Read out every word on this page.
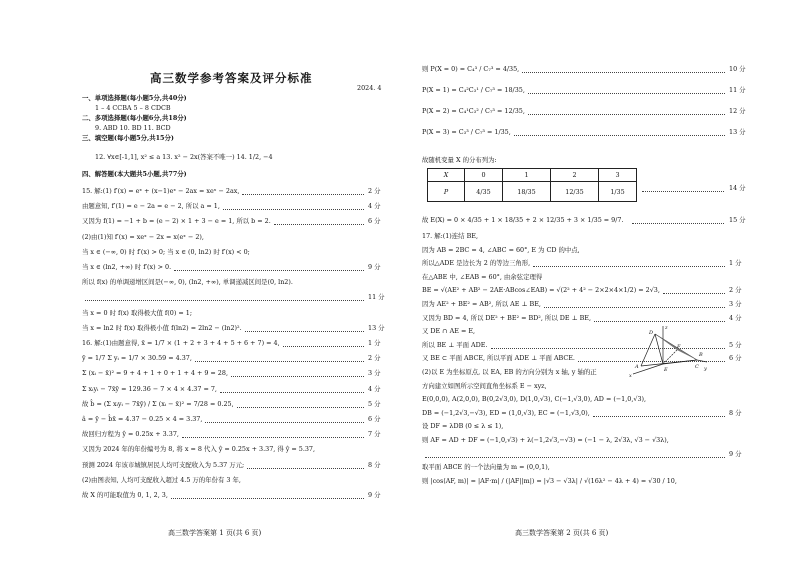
高三数学参考答案及评分标准
2024. 4
一、单项选择题(每小题5分,共40分)
1 – 4 CCBA 5 – 8 CDCB
二、多项选择题(每小题6分,共18分)
9. ABD 10. BD 11. BCD
三、填空题(每小题5分,共15分)
12. ∀x∈[-1,1], x² ≤ a 13. x² − 2x(答案不唯一) 14. 1/2, −4
四、解答题(本大题共5小题,共77分)
15. 解:(1) f′(x) = eˣ + (x−1)eˣ − 2ax = xeˣ − 2ax,	2 分
由题意知, f′(1) = e − 2a = e − 2, 所以 a = 1,	4 分
又因为 f(1) = −1 + b = (e − 2) × 1 + 3 − e = 1, 所以 b = 2.	6 分
(2)由(1)知 f′(x) = xeˣ − 2x = x(eˣ − 2),
当 x ∈ (−∞, 0) 时 f′(x) > 0; 当 x ∈ (0, ln2) 时 f′(x) < 0;
当 x ∈ (ln2, +∞) 时 f′(x) > 0.	9 分
所以 f(x) 的单调递增区间是(−∞, 0), (ln2, +∞), 单调递减区间是(0, ln2).
11 分
当 x = 0 时 f(x) 取得极大值 f(0) = 1;
当 x = ln2 时 f(x) 取得极小值 f(ln2) = 2ln2 − (ln2)².	13 分
16. 解:(1)由题意得, x̄ = 1/7 × (1 + 2 + 3 + 4 + 5 + 6 + 7) = 4,	1 分
ȳ = 1/7 Σ yᵢ = 1/7 × 30.59 = 4.37,	2 分
Σ (xᵢ − x̄)² = 9 + 4 + 1 + 0 + 1 + 4 + 9 = 28,	3 分
Σ xᵢyᵢ − 7x̄ȳ = 129.36 − 7 × 4 × 4.37 = 7,	4 分
故 b̂ = (Σ xᵢyᵢ − 7x̄ȳ) / Σ (xᵢ − x̄)² = 7/28 = 0.25,	5 分
â = ȳ − b̂x̄ = 4.37 − 0.25 × 4 = 3.37,	6 分
故回归方程为 ŷ = 0.25x + 3.37,	7 分
又因为 2024 年的年份编号为 8, 将 x = 8 代入 ŷ = 0.25x + 3.37, 得 ŷ = 5.37,
预测 2024 年该市城镇居民人均可支配收入为 5.37 万元;	8 分
(2)由图表知, 人均可支配收入超过 4.5 万的年份有 3 年,
故 X 的可能取值为 0, 1, 2, 3,	9 分
高三数学答案第 1 页(共 6 页)
则 P(X = 0) = C₄³ / C₇³ = 4/35,	10 分
P(X = 1) = C₄²C₃¹ / C₇³ = 18/35,	11 分
P(X = 2) = C₄¹C₃² / C₇³ = 12/35,	12 分
P(X = 3) = C₃³ / C₇³ = 1/35,	13 分
故随机变量 X 的分布列为:
X	0	1	2	3
P	4/35	18/35	12/35	1/35	14 分
故 E(X) = 0 × 4/35 + 1 × 18/35 + 2 × 12/35 + 3 × 1/35 = 9/7.	15 分
17. 解:(1)连结 BE,
因为 AB = 2BC = 4, ∠ABC = 60°, E 为 CD 的中点,
所以△ADE 是边长为 2 的等边三角形,	1 分
在△ABE 中, ∠EAB = 60°, 由余弦定理得
BE = √(AE² + AB² − 2AE·ABcos∠EAB) = √(2² + 4² − 2×2×4×1/2) = 2√3,	2 分
因为 AE² + BE² = AB², 所以 AE ⊥ BE,	3 分
又因为 BD = 4, 所以 DE² + BE² = BD², 所以 DE ⊥ BE,	4 分
又 DE ∩ AE = E,
所以 BE ⊥ 平面 ADE.	5 分
又 BE ⊂ 平面 ABCE, 所以平面 ADE ⊥ 平面 ABCE.	6 分
(2)以 E 为坐标原点, 以 EA, EB 的方向分别为 x 轴, y 轴的正
方向建立如图所示空间直角坐标系 E − xyz,
E(0,0,0), A(2,0,0), B(0,2√3,0), D(1,0,√3), C(−1,√3,0), AD = (−1,0,√3),
DB = (−1,2√3,−√3), ED = (1,0,√3), EC = (−1,√3,0),	8 分
设 DF = λDB (0 ≤ λ ≤ 1),
则 AF = AD + DF = (−1,0,√3) + λ(−1,2√3,−√3) = (−1 − λ, 2√3λ, √3 − √3λ),
9 分
取平面 ABCE 的一个法向量为 m = (0,0,1),
则 |cos⟨AF, m⟩| = |AF·m| / (|AF||m|) = |√3 − √3λ| / √(16λ² − 4λ + 4) = √30 / 10,
z
D
E
A
F
C
B
x
y
高三数学答案第 2 页(共 6 页)
